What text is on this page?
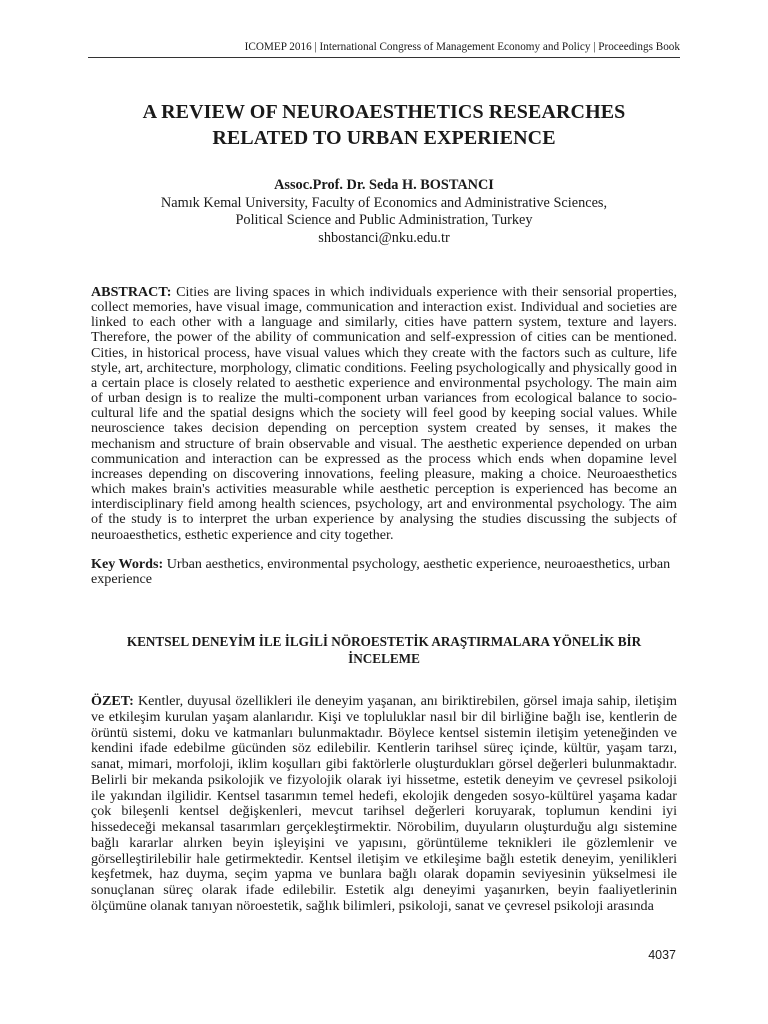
ICOMEP 2016 | International Congress of Management Economy and Policy | Proceedings Book
A REVIEW OF NEUROAESTHETICS RESEARCHES
RELATED TO URBAN EXPERIENCE
Assoc.Prof. Dr. Seda H. BOSTANCI
Namık Kemal University, Faculty of Economics and Administrative Sciences,
Political Science and Public Administration, Turkey
shbostanci@nku.edu.tr

ABSTRACT: Cities are living spaces in which individuals experience with their sensorial properties, collect memories, have visual image, communication and interaction exist. Individual and societies are linked to each other with a language and similarly, cities have pattern system, texture and layers. Therefore, the power of the ability of communication and self-expression of cities can be mentioned. Cities, in historical process, have visual values which they create with the factors such as culture, life style, art, architecture, morphology, climatic conditions. Feeling psychologically and physically good in a certain place is closely related to aesthetic experience and environmental psychology. The main aim of urban design is to realize the multi-component urban variances from ecological balance to socio-cultural life and the spatial designs which the society will feel good by keeping social values. While neuroscience takes decision depending on perception system created by senses, it makes the mechanism and structure of brain observable and visual. The aesthetic experience depended on urban communication and interaction can be expressed as the process which ends when dopamine level increases depending on discovering innovations, feeling pleasure, making a choice. Neuroaesthetics which makes brain's activities measurable while aesthetic perception is experienced has become an interdisciplinary field among health sciences, psychology, art and environmental psychology. The aim of the study is to interpret the urban experience by analysing the studies discussing the subjects of neuroaesthetics, esthetic experience and city together.

Key Words: Urban aesthetics, environmental psychology, aesthetic experience, neuroaesthetics, urban experience

KENTSEL DENEYİM İLE İLGİLİ NÖROESTETİK ARAŞTIRMALARA YÖNELİK BİR
İNCELEME

ÖZET: Kentler, duyusal özellikleri ile deneyim yaşanan, anı biriktirebilen, görsel imaja sahip, iletişim ve etkileşim kurulan yaşam alanlarıdır. Kişi ve topluluklar nasıl bir dil birliğine bağlı ise, kentlerin de örüntü sistemi, doku ve katmanları bulunmaktadır. Böylece kentsel sistemin iletişim yeteneğinden ve kendini ifade edebilme gücünden söz edilebilir. Kentlerin tarihsel süreç içinde, kültür, yaşam tarzı, sanat, mimari, morfoloji, iklim koşulları gibi faktörlerle oluşturdukları görsel değerleri bulunmaktadır. Belirli bir mekanda psikolojik ve fizyolojik olarak iyi hissetme, estetik deneyim ve çevresel psikoloji ile yakından ilgilidir. Kentsel tasarımın temel hedefi, ekolojik dengeden sosyo-kültürel yaşama kadar çok bileşenli kentsel değişkenleri, mevcut tarihsel değerleri koruyarak, toplumun kendini iyi hissedeceği mekansal tasarımları gerçekleştirmektir. Nörobilim, duyuların oluşturduğu algı sistemine bağlı kararlar alırken beyin işleyişini ve yapısını, görüntüleme teknikleri ile gözlemlenir ve görselleştirilebilir hale getirmektedir. Kentsel iletişim ve etkileşime bağlı estetik deneyim, yenilikleri keşfetmek, haz duyma, seçim yapma ve bunlara bağlı olarak dopamin seviyesinin yükselmesi ile sonuçlanan süreç olarak ifade edilebilir. Estetik algı deneyimi yaşanırken, beyin faaliyetlerinin ölçümüne olanak tanıyan nöroestetik, sağlık bilimleri, psikoloji, sanat ve çevresel psikoloji arasında

4037
